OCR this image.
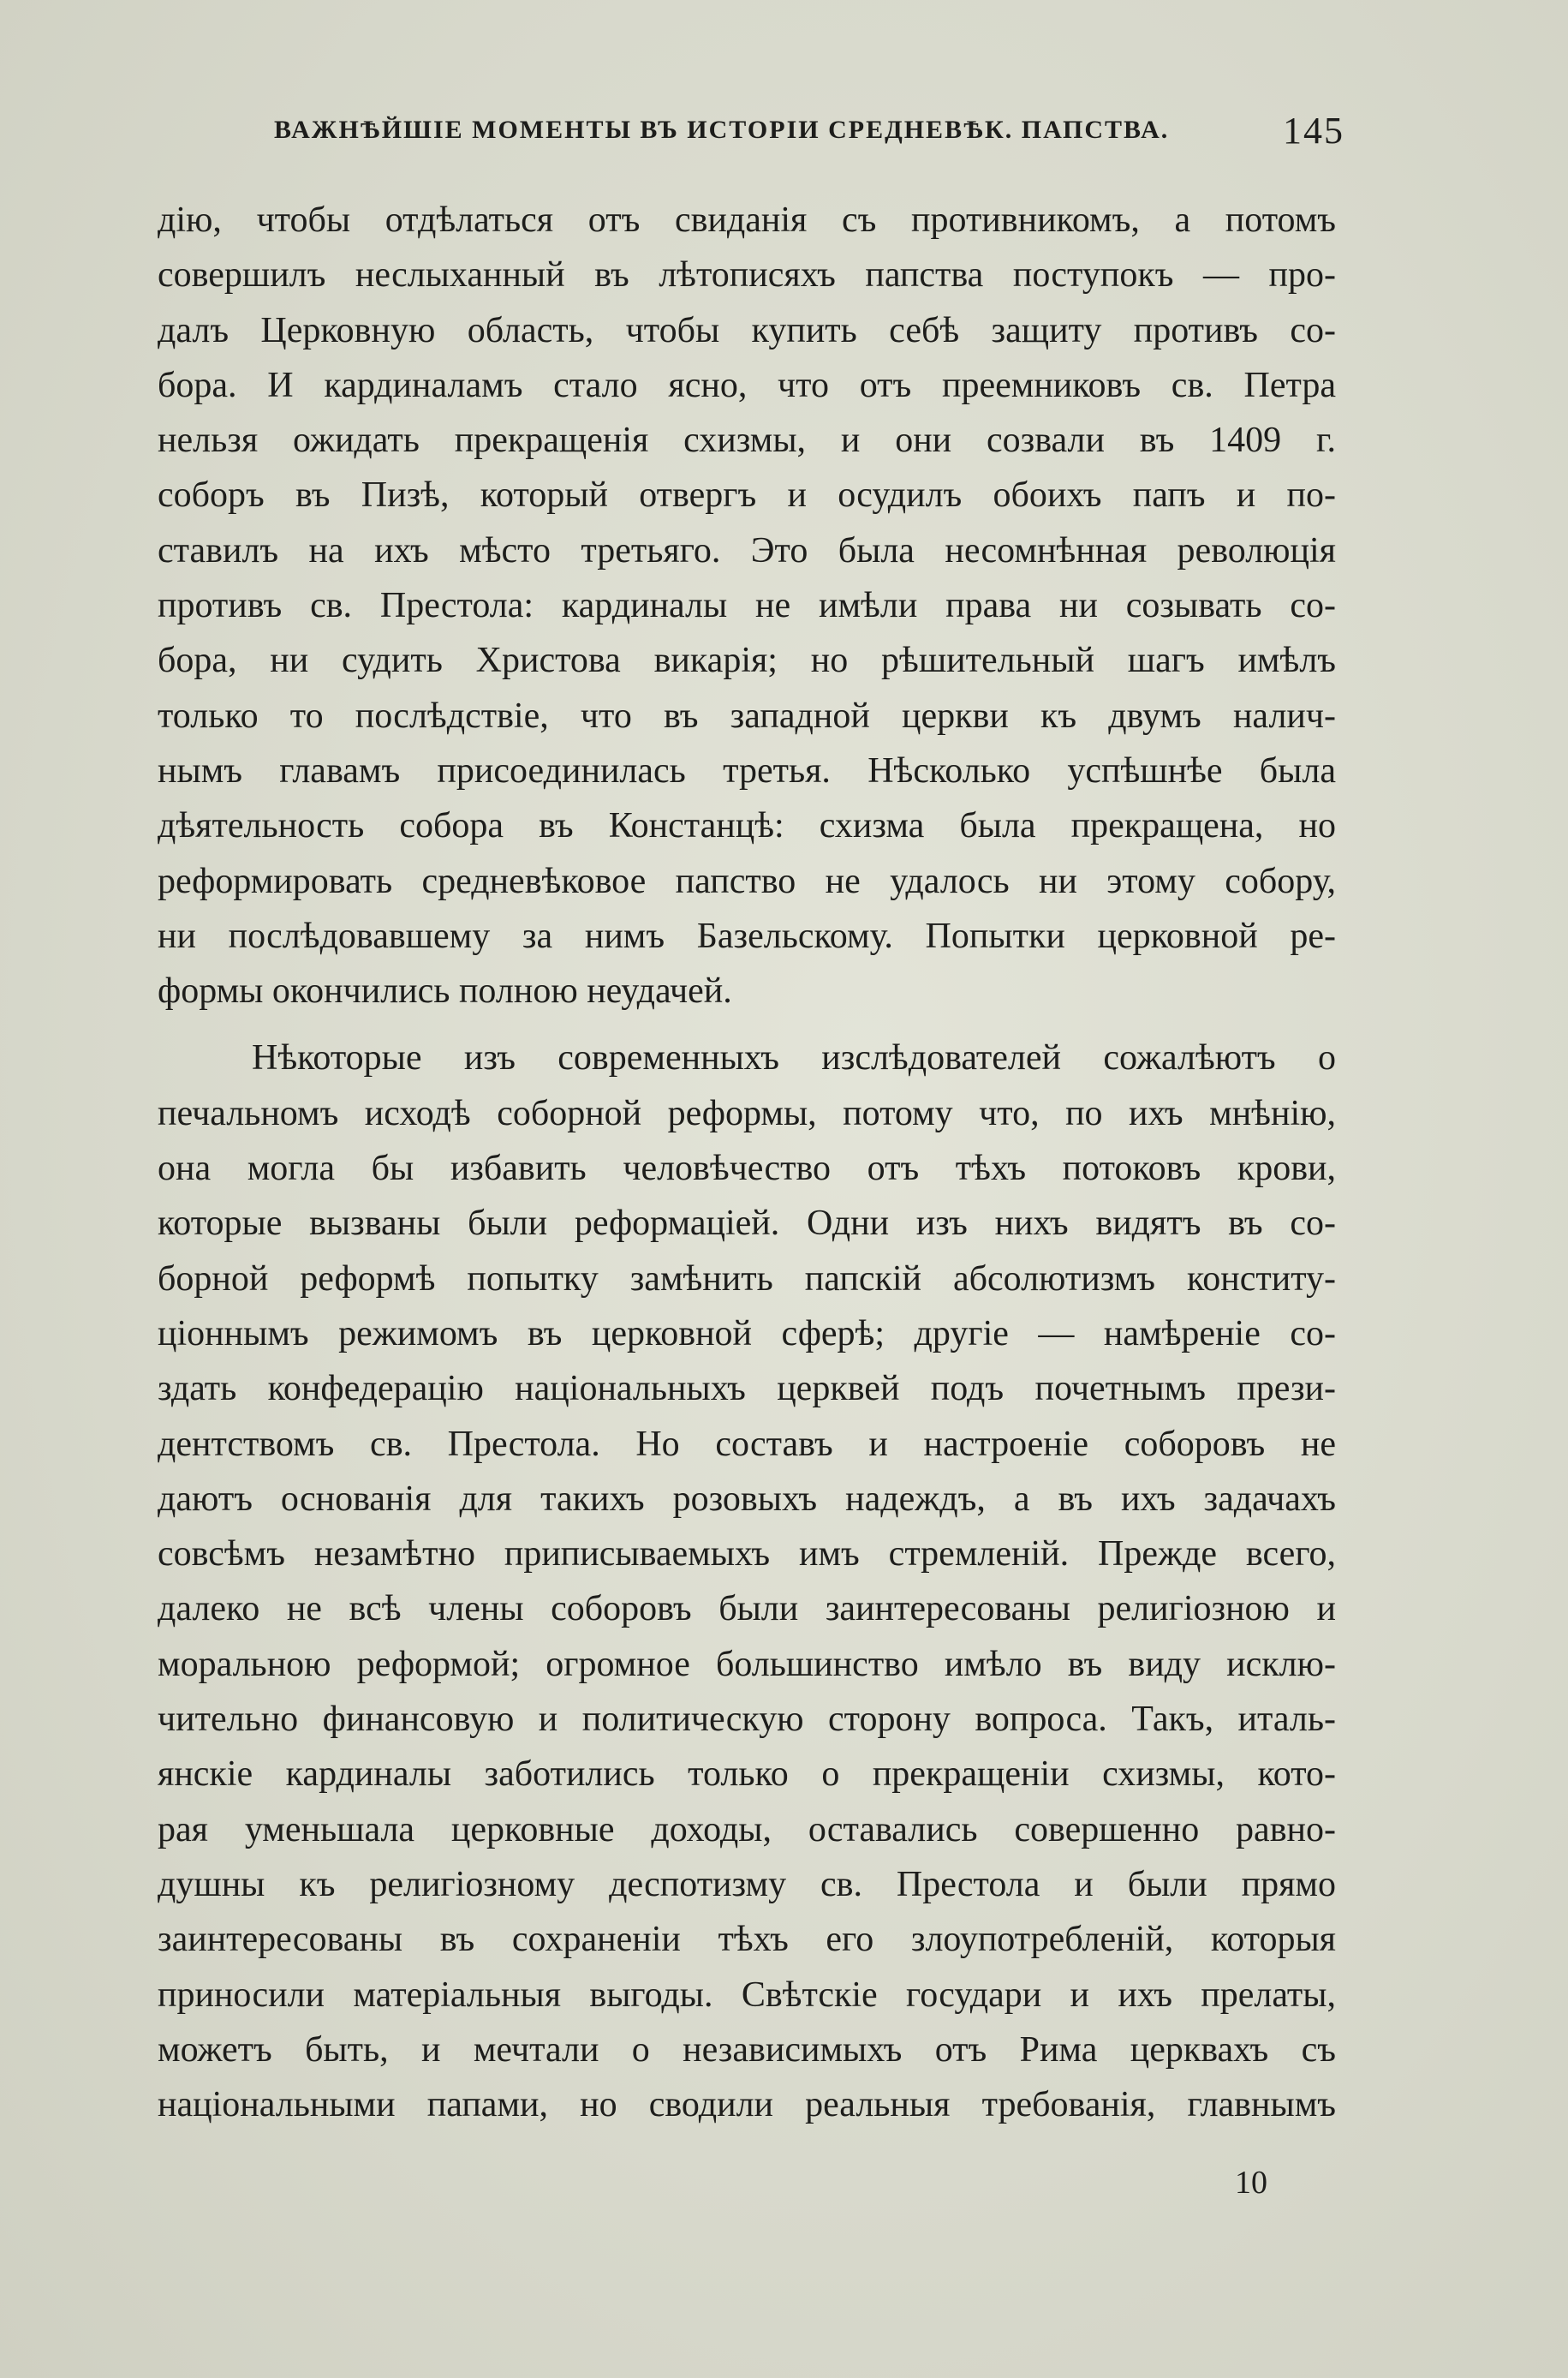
ВАЖНѢЙШІЕ МОМЕНТЫ ВЪ ИСТОРІИ СРЕДНЕВѢК. ПАПСТВА.	145
дію, чтобы отдѣлаться отъ свиданія съ противникомъ, а потомъ
совершилъ неслыханный въ лѣтописяхъ папства поступокъ — про-
далъ Церковную область, чтобы купить себѣ защиту противъ со-
бора. И кардиналамъ стало ясно, что отъ преемниковъ св. Петра
нельзя ожидать прекращенія схизмы, и они созвали въ 1409 г.
соборъ въ Пизѣ, который отвергъ и осудилъ обоихъ папъ и по-
ставилъ на ихъ мѣсто третьяго. Это была несомнѣнная революція
противъ св. Престола: кардиналы не имѣли права ни созывать со-
бора, ни судить Христова викарія; но рѣшительный шагъ имѣлъ
только то послѣдствіе, что въ западной церкви къ двумъ налич-
нымъ главамъ присоединилась третья. Нѣсколько успѣшнѣе была
дѣятельность собора въ Констанцѣ: схизма была прекращена, но
реформировать средневѣковое папство не удалось ни этому собору,
ни послѣдовавшему за нимъ Базельскому. Попытки церковной ре-
формы окончились полною неудачей.
Нѣкоторые изъ современныхъ изслѣдователей сожалѣютъ о
печальномъ исходѣ соборной реформы, потому что, по ихъ мнѣнію,
она могла бы избавить человѣчество отъ тѣхъ потоковъ крови,
которые вызваны были реформаціей. Одни изъ нихъ видятъ въ со-
борной реформѣ попытку замѣнить папскій абсолютизмъ конститу-
ціоннымъ режимомъ въ церковной сферѣ; другіе — намѣреніе со-
здать конфедерацію національныхъ церквей подъ почетнымъ прези-
дентствомъ св. Престола. Но составъ и настроеніе соборовъ не
даютъ основанія для такихъ розовыхъ надеждъ, а въ ихъ задачахъ
совсѣмъ незамѣтно приписываемыхъ имъ стремленій. Прежде всего,
далеко не всѣ члены соборовъ были заинтересованы религіозною и
моральною реформой; огромное большинство имѣло въ виду исклю-
чительно финансовую и политическую сторону вопроса. Такъ, италь-
янскіе кардиналы заботились только о прекращеніи схизмы, кото-
рая уменьшала церковные доходы, оставались совершенно равно-
душны къ религіозному деспотизму св. Престола и были прямо
заинтересованы въ сохраненіи тѣхъ его злоупотребленій, которыя
приносили матеріальныя выгоды. Свѣтскіе государи и ихъ прелаты,
можетъ быть, и мечтали о независимыхъ отъ Рима церквахъ съ
національными папами, но сводили реальныя требованія, главнымъ
10
